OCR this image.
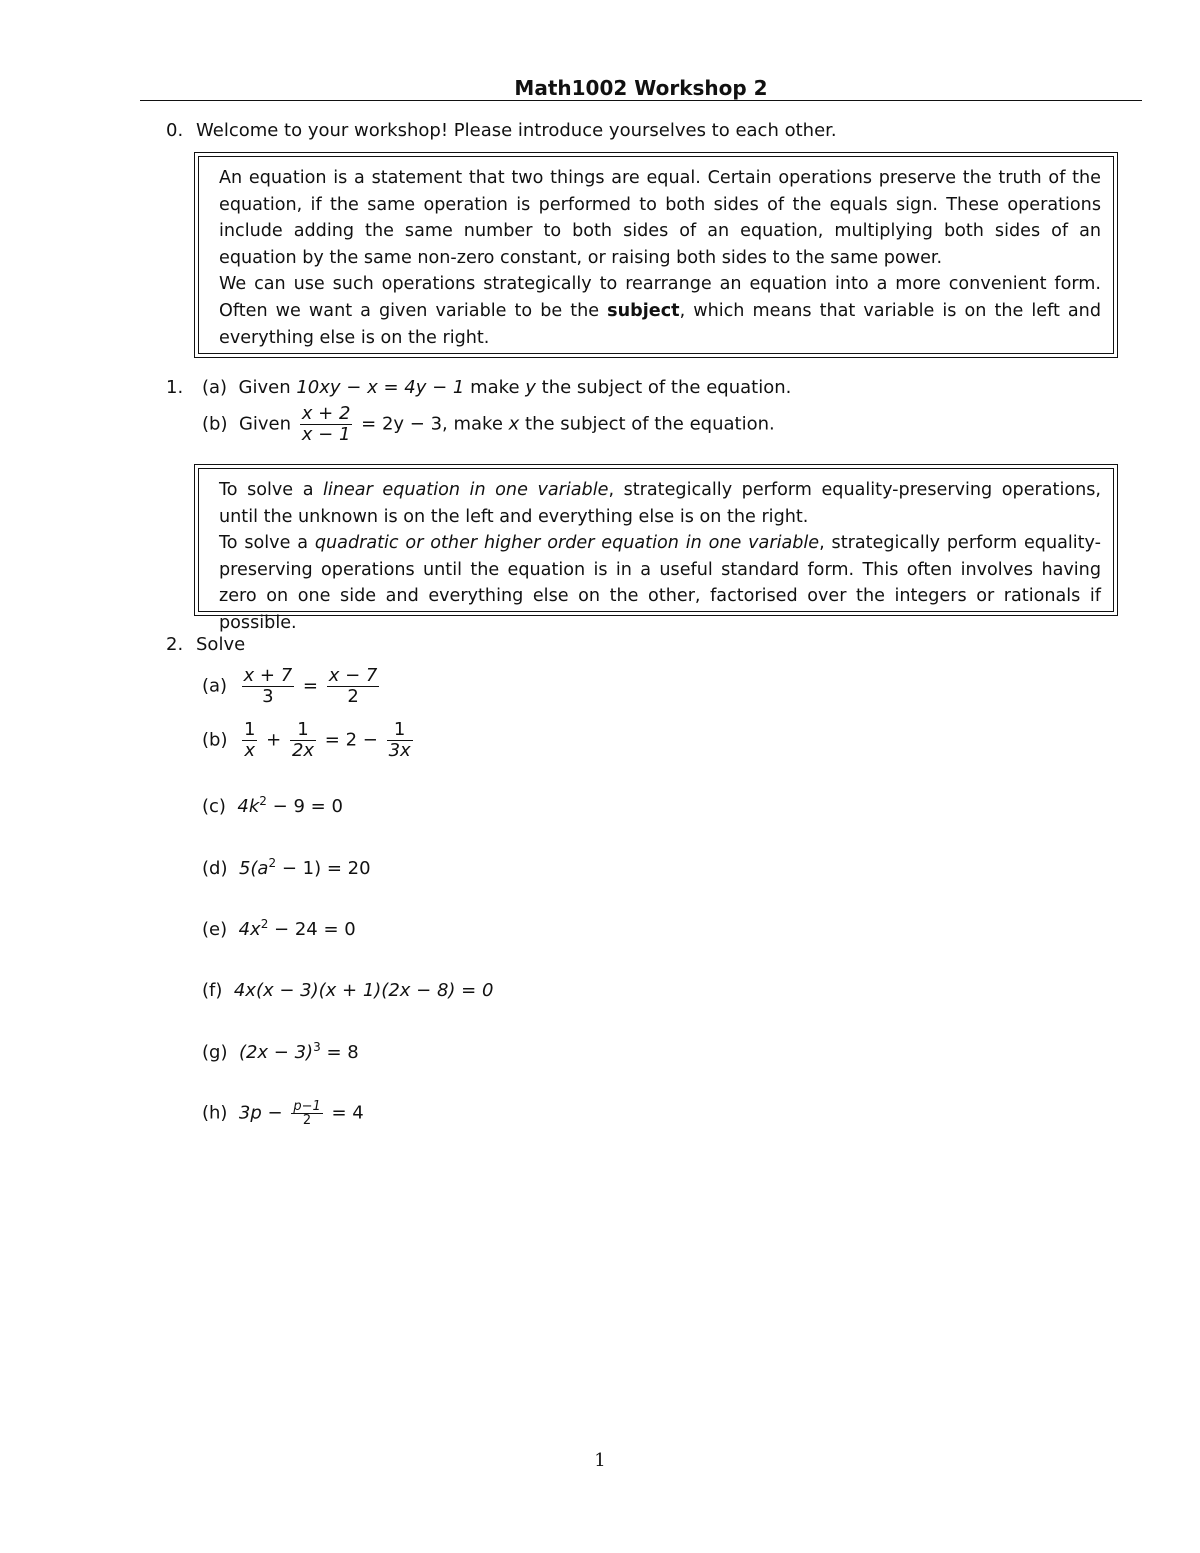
Math1002 Workshop 2
0. Welcome to your workshop! Please introduce yourselves to each other.

An equation is a statement that two things are equal. Certain operations preserve the truth of the equation, if the same operation is performed to both sides of the equals sign. These operations include adding the same number to both sides of an equation, multiplying both sides of an equation by the same non-zero constant, or raising both sides to the same power.

We can use such operations strategically to rearrange an equation into a more convenient form. Often we want a given variable to be the subject, which means that variable is on the left and everything else is on the right.

1. (a) Given 10xy − x = 4y − 1 make y the subject of the equation.
(b) Given $\frac{x + 2}{x - 1} = 2y - 3$, make x the subject of the equation.

To solve a linear equation in one variable, strategically perform equality-preserving operations, until the unknown is on the left and everything else is on the right.

To solve a quadratic or other higher order equation in one variable, strategically perform equality-preserving operations until the equation is in a useful standard form. This often involves having zero on one side and everything else on the other, factorised over the integers or rationals if possible.

2. Solve
$(a) \frac{x + 7}{3} = \frac{x - 7}{2}$
$(b) \frac{1}{x} + \frac{1}{2x} = 2 - \frac{1}{3x}$
(c) $4k^2 - 9 = 0$
(d) $5(a^2 - 1) = 20$
(e) $4x^2 - 24 = 0$
(f) 4x(x − 3)(x + 1)(2x − 8) = 0
(g) $(2x - 3)^3 = 8$
(h) $3p - \frac{p-1}{2} = 4$
1
